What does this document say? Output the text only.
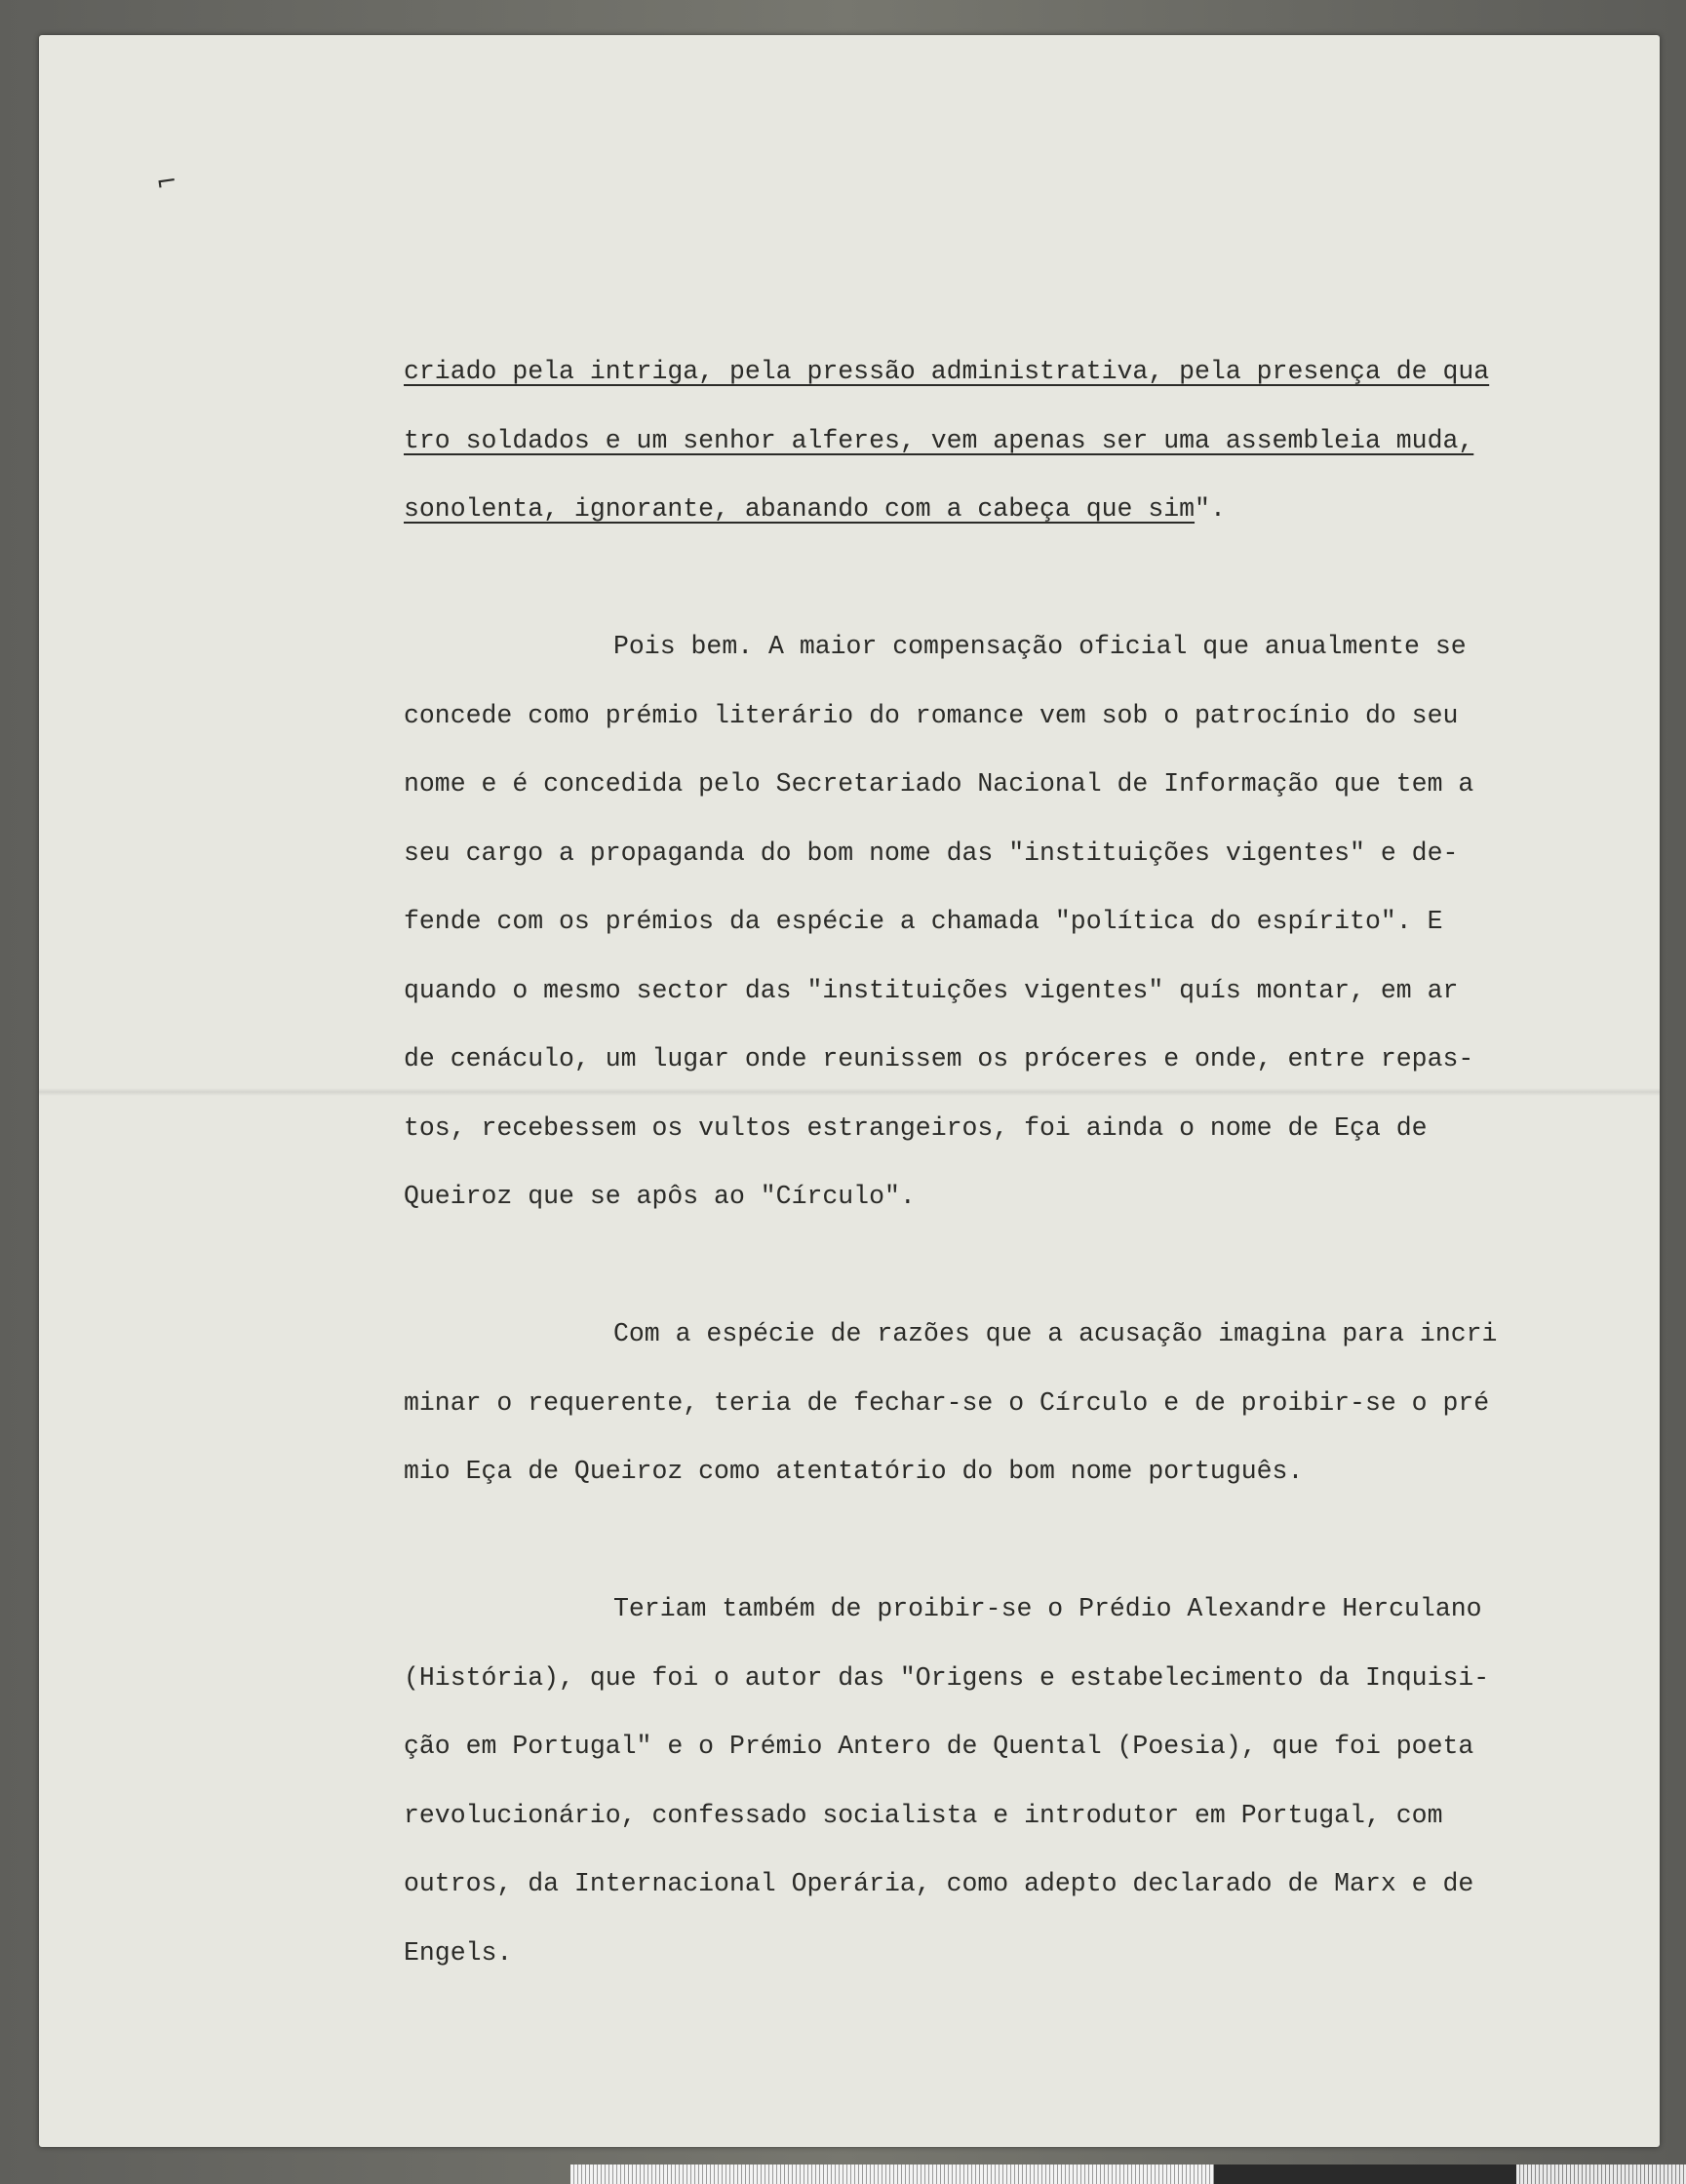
⌐
criado pela intriga, pela pressão administrativa, pela presença de qua
tro soldados e um senhor alferes, vem apenas ser uma assembleia muda,
sonolenta, ignorante, abanando com a cabeça que sim ".
Pois bem. A maior compensação oficial que anualmente se
concede como prémio literário do romance vem sob o patrocínio do seu
nome e é concedida pelo Secretariado Nacional de Informação que tem a
seu cargo a propaganda do bom nome das "instituições vigentes" e de-
fende com os prémios da espécie a chamada "política do espírito". E
quando o mesmo sector das "instituições vigentes" quís montar, em ar
de cenáculo, um lugar onde reunissem os próceres e onde, entre repas-
tos, recebessem os vultos estrangeiros, foi ainda o nome de Eça de
Queiroz que se apôs ao "Círculo".
Com a espécie de razões que a acusação imagina para incri
minar o requerente, teria de fechar-se o Círculo e de proibir-se o pré
mio Eça de Queiroz como atentatório do bom nome português.
Teriam também de proibir-se o Prédio Alexandre Herculano
(História), que foi o autor das "Origens e estabelecimento da Inquisi-
ção em Portugal" e o Prémio Antero de Quental (Poesia), que foi poeta
revolucionário, confessado socialista e introdutor em Portugal, com
outros, da Internacional Operária, como adepto declarado de Marx e de
Engels.
